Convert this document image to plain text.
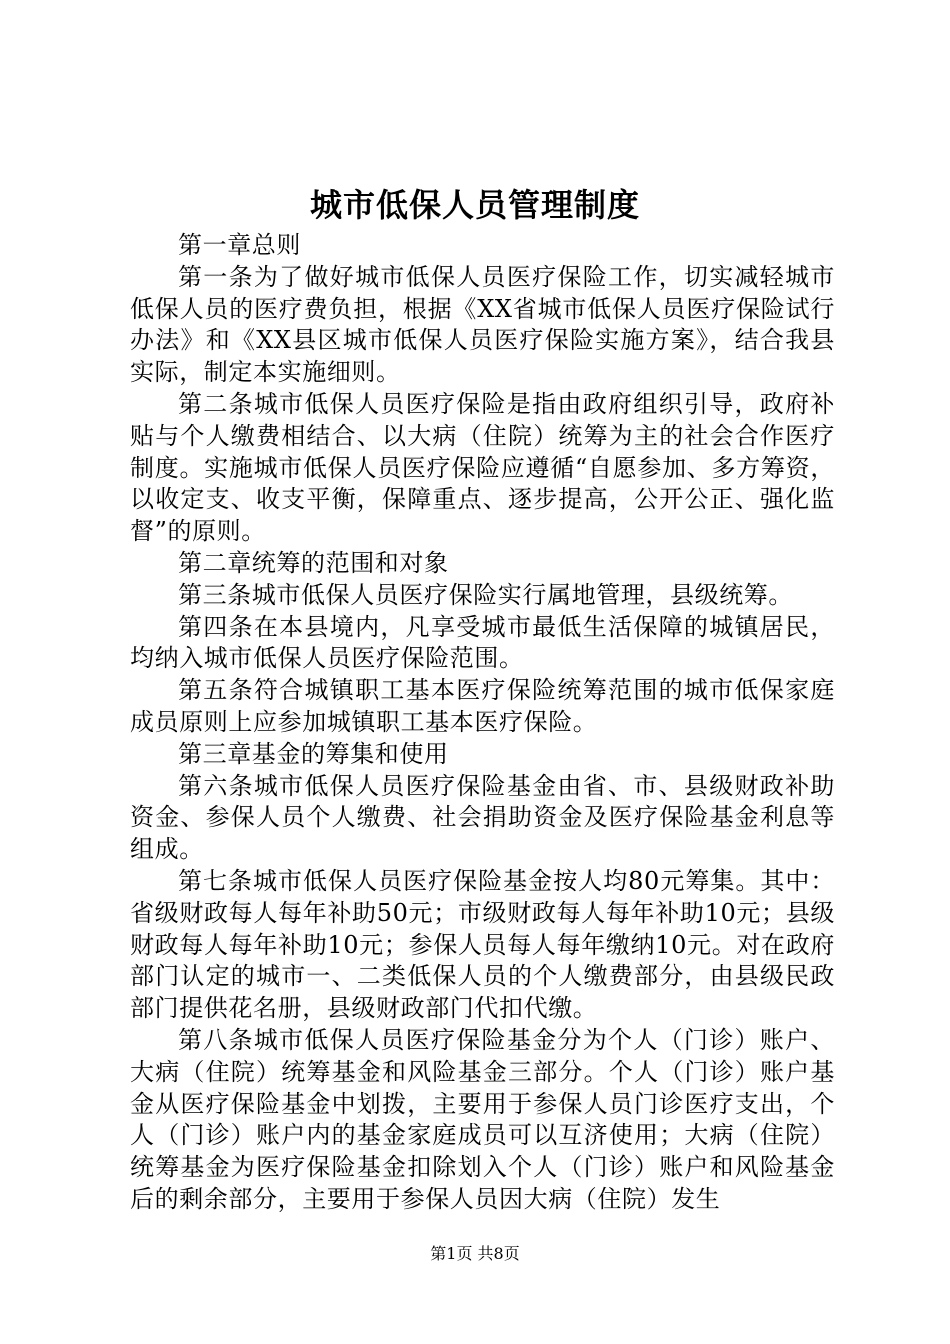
城市低保人员管理制度

第一章总则

第一条为了做好城市低保人员医疗保险工作，切实减轻城市低保人员的医疗费负担，根据《XX省城市低保人员医疗保险试行办法》和《XX县区城市低保人员医疗保险实施方案》，结合我县实际，制定本实施细则。

第二条城市低保人员医疗保险是指由政府组织引导，政府补贴与个人缴费相结合、以大病（住院）统筹为主的社会合作医疗制度。实施城市低保人员医疗保险应遵循“自愿参加、多方筹资，以收定支、收支平衡，保障重点、逐步提高，公开公正、强化监督”的原则。

第二章统筹的范围和对象

第三条城市低保人员医疗保险实行属地管理，县级统筹。

第四条在本县境内，凡享受城市最低生活保障的城镇居民，均纳入城市低保人员医疗保险范围。

第五条符合城镇职工基本医疗保险统筹范围的城市低保家庭成员原则上应参加城镇职工基本医疗保险。

第三章基金的筹集和使用

第六条城市低保人员医疗保险基金由省、市、县级财政补助资金、参保人员个人缴费、社会捐助资金及医疗保险基金利息等组成。

第七条城市低保人员医疗保险基金按人均80元筹集。其中：省级财政每人每年补助50元；市级财政每人每年补助10元；县级财政每人每年补助10元；参保人员每人每年缴纳10元。对在政府部门认定的城市一、二类低保人员的个人缴费部分，由县级民政部门提供花名册，县级财政部门代扣代缴。

第八条城市低保人员医疗保险基金分为个人（门诊）账户、大病（住院）统筹基金和风险基金三部分。个人（门诊）账户基金从医疗保险基金中划拨，主要用于参保人员门诊医疗支出，个人（门诊）账户内的基金家庭成员可以互济使用；大病（住院）统筹基金为医疗保险基金扣除划入个人（门诊）账户和风险基金后的剩余部分，主要用于参保人员因大病（住院）发生

第1页 共8页
